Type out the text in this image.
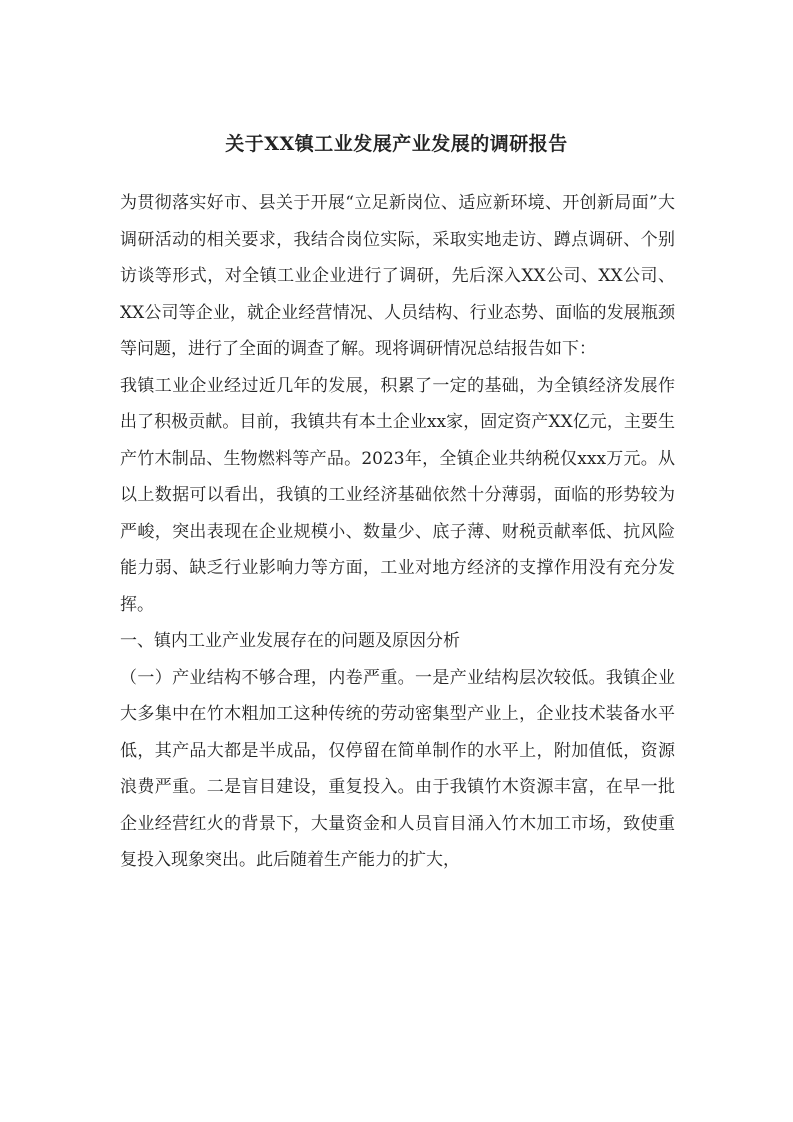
关于XX镇工业发展产业发展的调研报告

为贯彻落实好市、县关于开展“立足新岗位、适应新环境、开创新局面”大调研活动的相关要求，我结合岗位实际，采取实地走访、蹲点调研、个别访谈等形式，对全镇工业企业进行了调研，先后深入XX公司、XX公司、XX公司等企业，就企业经营情况、人员结构、行业态势、面临的发展瓶颈等问题，进行了全面的调查了解。现将调研情况总结报告如下：

我镇工业企业经过近几年的发展，积累了一定的基础，为全镇经济发展作出了积极贡献。目前，我镇共有本土企业xx家，固定资产XX亿元，主要生产竹木制品、生物燃料等产品。2023年，全镇企业共纳税仅xxx万元。从以上数据可以看出，我镇的工业经济基础依然十分薄弱，面临的形势较为严峻，突出表现在企业规模小、数量少、底子薄、财税贡献率低、抗风险能力弱、缺乏行业影响力等方面，工业对地方经济的支撑作用没有充分发挥。

一、镇内工业产业发展存在的问题及原因分析

（一）产业结构不够合理，内卷严重。一是产业结构层次较低。我镇企业大多集中在竹木粗加工这种传统的劳动密集型产业上，企业技术装备水平低，其产品大都是半成品，仅停留在简单制作的水平上，附加值低，资源浪费严重。二是盲目建设，重复投入。由于我镇竹木资源丰富，在早一批企业经营红火的背景下，大量资金和人员盲目涌入竹木加工市场，致使重复投入现象突出。此后随着生产能力的扩大，
